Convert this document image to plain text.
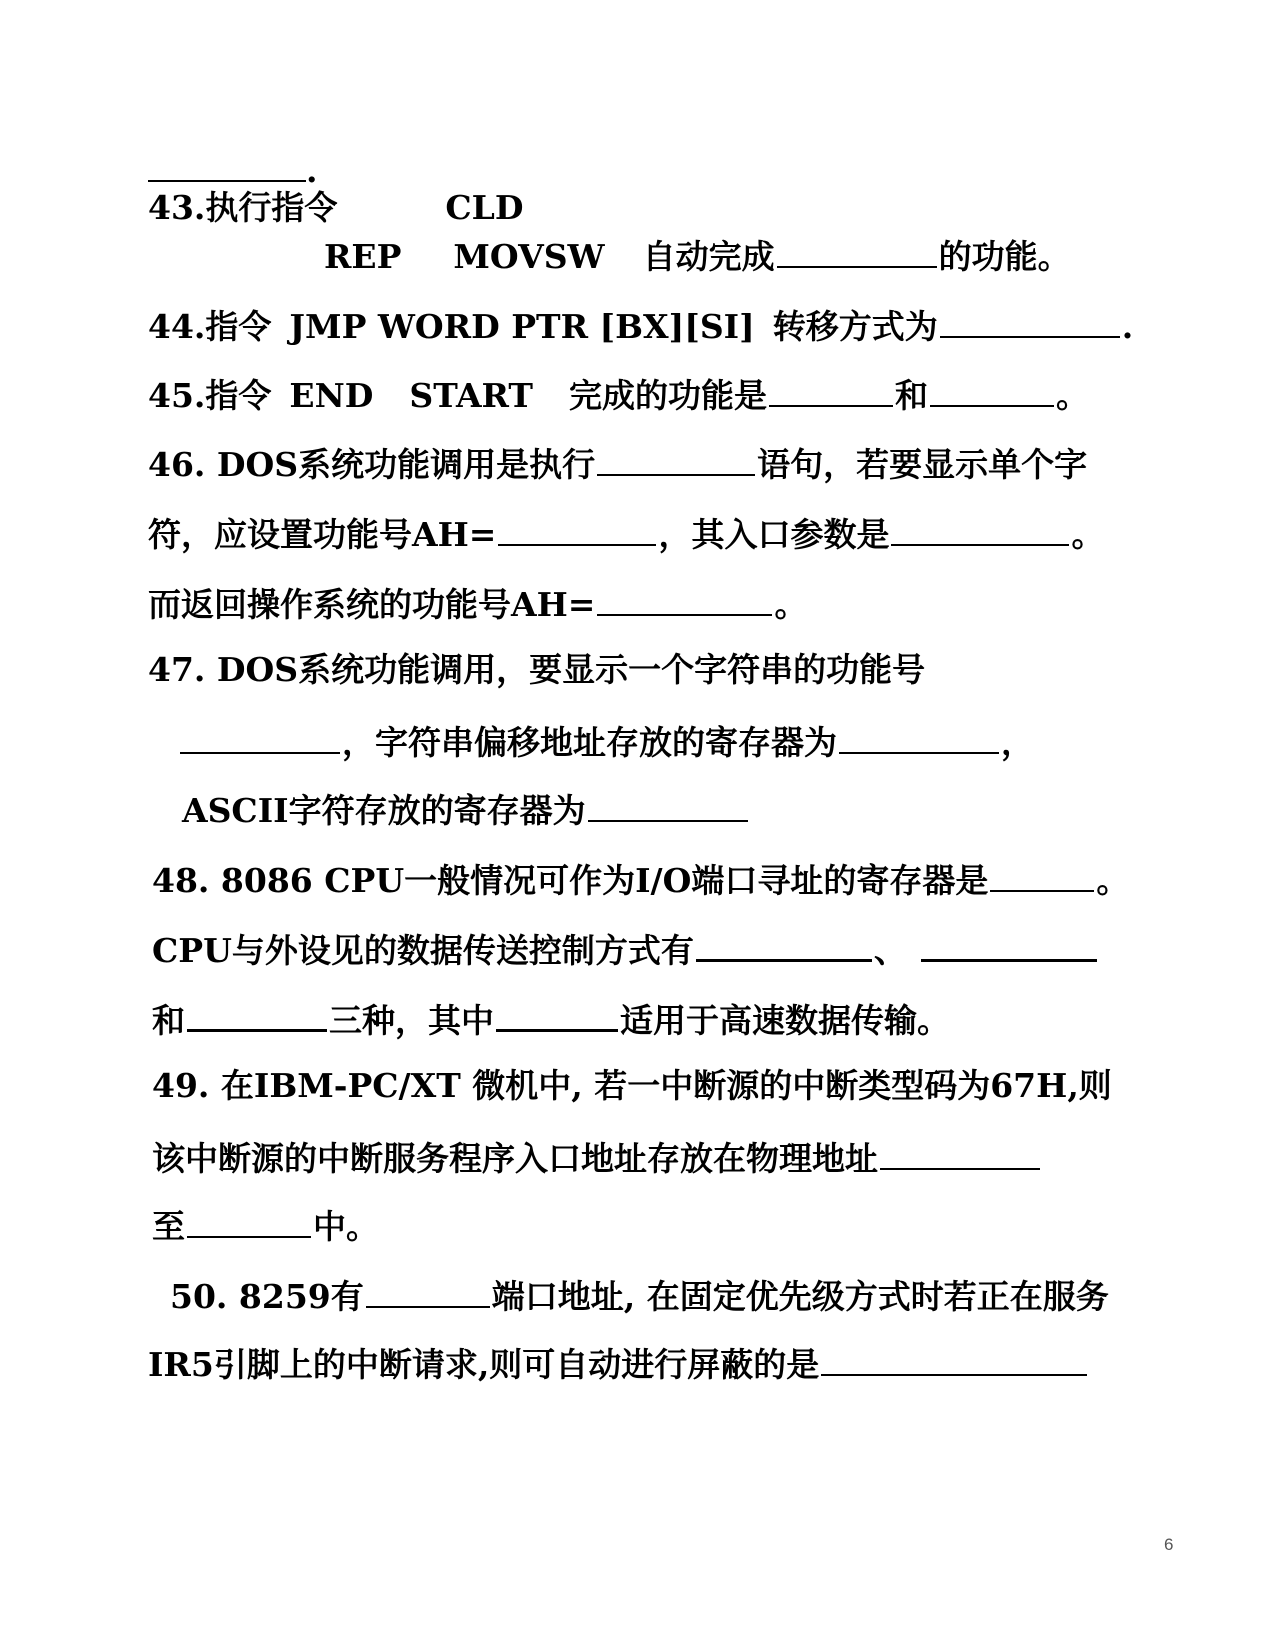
.
43.执行指令	CLD
REP MOVSW 自动完成	的功能。
44.指令 JMP WORD PTR [BX][SI] 转移方式为	.
45.指令 END START 完成的功能是	和	。
46. DOS系统功能调用是执行	语句，若要显示单个字
符，应设置功能号AH=	，其入口参数是	。
而返回操作系统的功能号AH=	。
47. DOS系统功能调用，要显示一个字符串的功能号
，字符串偏移地址存放的寄存器为	，
ASCII字符存放的寄存器为
48. 8086 CPU一般情况可作为I/O端口寻址的寄存器是	。
CPU与外设见的数据传送控制方式有	、
和	三种，其中	适用于高速数据传输。
49. 在IBM-PC/XT 微机中, 若一中断源的中断类型码为67H,则
该中断源的中断服务程序入口地址存放在物理地址
至	中。
50. 8259有	端口地址, 在固定优先级方式时若正在服务
IR5引脚上的中断请求,则可自动进行屏蔽的是
6
